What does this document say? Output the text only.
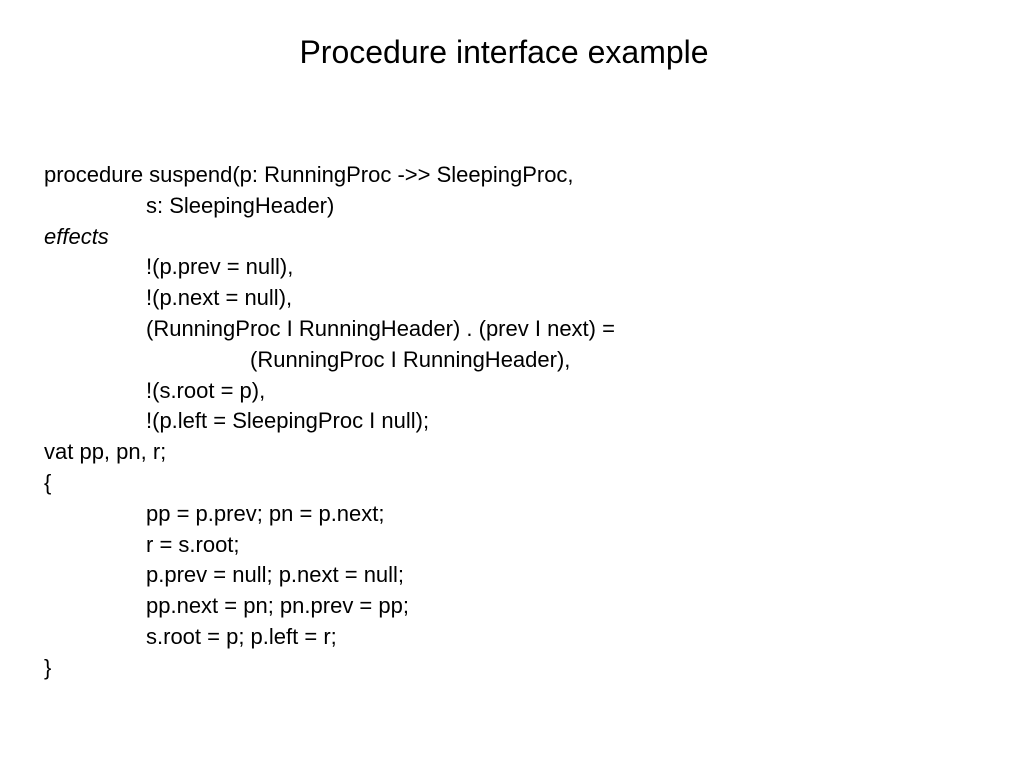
Procedure interface example
procedure suspend(p: RunningProc ->> SleepingProc,
s: SleepingHeader)
effects
!(p.prev = null),
!(p.next = null),
(RunningProc I RunningHeader) . (prev I next) =
(RunningProc I RunningHeader),
!(s.root = p),
!(p.left = SleepingProc I null);
vat pp, pn, r;
{
pp = p.prev; pn = p.next;
r = s.root;
p.prev = null; p.next = null;
pp.next = pn; pn.prev = pp;
s.root = p; p.left = r;
}
